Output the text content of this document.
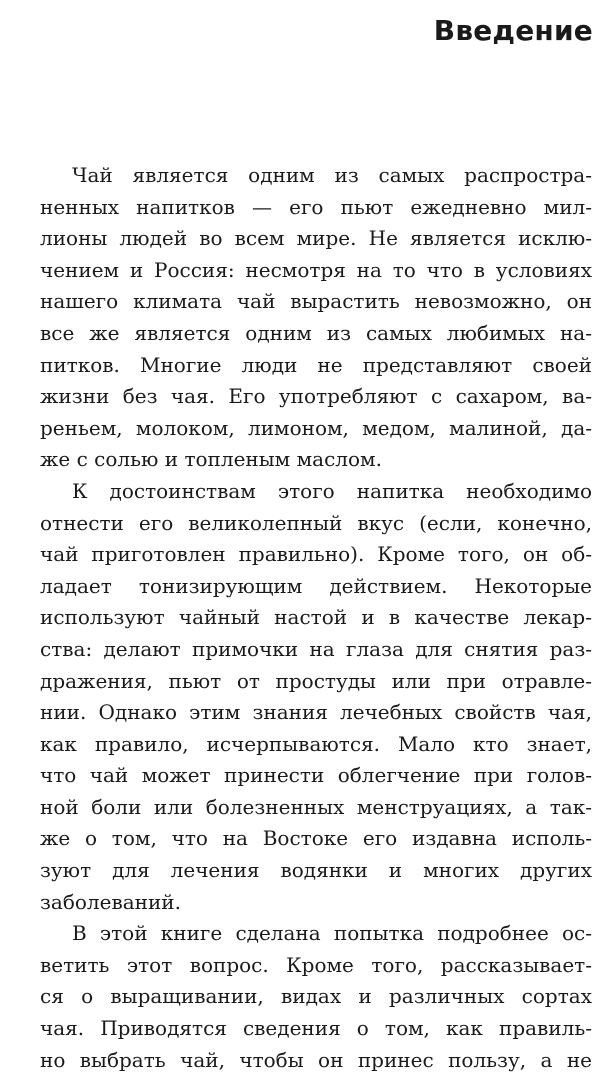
Введение

Чай является одним из самых распростра-
ненных напитков — его пьют ежедневно мил-
лионы людей во всем мире. Не является исклю-
чением и Россия: несмотря на то что в условиях
нашего климата чай вырастить невозможно, он
все же является одним из самых любимых на-
питков. Многие люди не представляют своей
жизни без чая. Его употребляют с сахаром, ва-
реньем, молоком, лимоном, медом, малиной, да-
же с солью и топленым маслом.

К достоинствам этого напитка необходимо
отнести его великолепный вкус (если, конечно,
чай приготовлен правильно). Кроме того, он об-
ладает тонизирующим действием. Некоторые
используют чайный настой и в качестве лекар-
ства: делают примочки на глаза для снятия раз-
дражения, пьют от простуды или при отравле-
нии. Однако этим знания лечебных свойств чая,
как правило, исчерпываются. Мало кто знает,
что чай может принести облегчение при голов-
ной боли или болезненных менструациях, а так-
же о том, что на Востоке его издавна исполь-
зуют для лечения водянки и многих других
заболеваний.

В этой книге сделана попытка подробнее ос-
ветить этот вопрос. Кроме того, рассказывает-
ся о выращивании, видах и различных сортах
чая. Приводятся сведения о том, как правиль-
но выбрать чай, чтобы он принес пользу, а не
